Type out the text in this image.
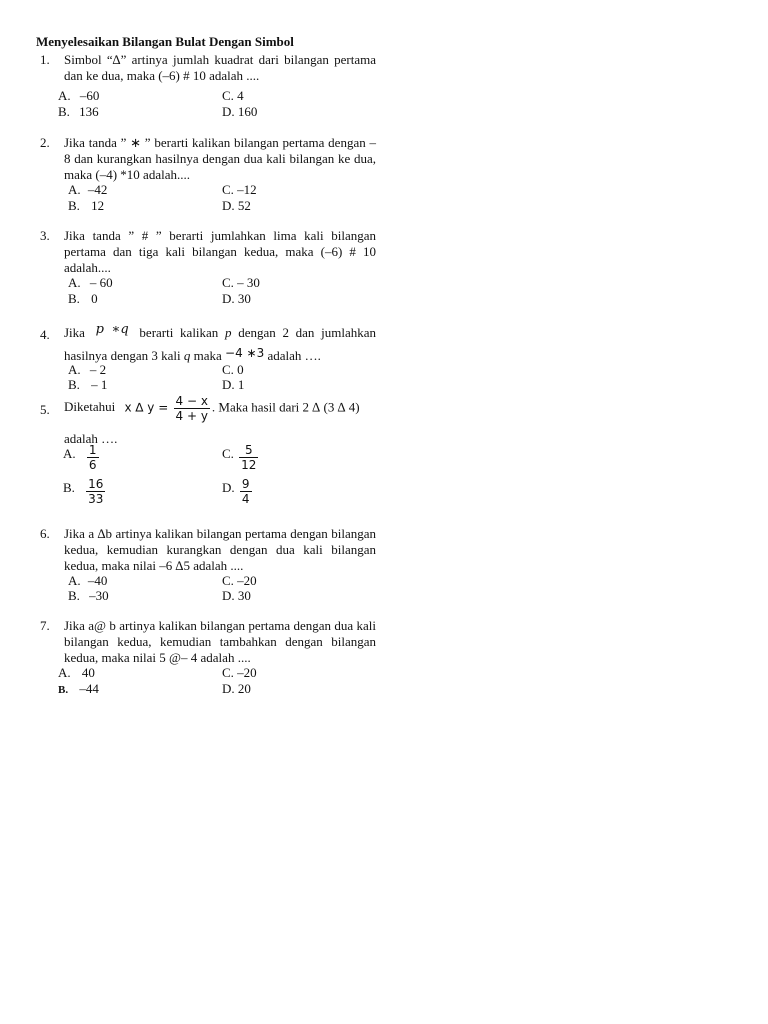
Menyelesaikan Bilangan Bulat Dengan Simbol
1. Simbol “∆” artinya jumlah kuadrat dari bilangan pertama dan ke dua, maka (–6) # 10 adalah ....
A. –60
B. 136
C. 4
D. 160
2. Jika tanda ” ∗ ” berarti kalikan bilangan pertama dengan –8 dan kurangkan hasilnya dengan dua kali bilangan ke dua, maka (–4) *10 adalah....
A. –42
B. 12
C. –12
D. 52
3. Jika tanda ” # ” berarti jumlahkan lima kali bilangan pertama dan tiga kali bilangan kedua, maka (–6) # 10 adalah....
A. – 60
B. 0
C. – 30
D. 30
4. Jika p ∗q berarti kalikan p dengan 2 dan jumlahkan hasilnya dengan 3 kali q maka −4 ∗3 adalah ….
A. – 2
B. – 1
C. 0
D. 1
5. Diketahui x ∆ $y = \frac{4 - x}{4 + y}$ . Maka hasil dari 2 ∆ (3 ∆ 4)
adalah ….
A. $\frac{1}{6}$
B. $\frac{16}{33}$
C. $\frac{5}{12}$
D. $\frac{9}{4}$
6. Jika a ∆b artinya kalikan bilangan pertama dengan bilangan kedua, kemudian kurangkan dengan dua kali bilangan kedua, maka nilai –6 ∆5 adalah ....
A. –40
B. –30
C. –20
D. 30
7. Jika a@ b artinya kalikan bilangan pertama dengan dua kali bilangan kedua, kemudian tambahkan dengan bilangan kedua, maka nilai 5 @– 4 adalah ....
A. 40
B. –44
C. –20
D. 20
